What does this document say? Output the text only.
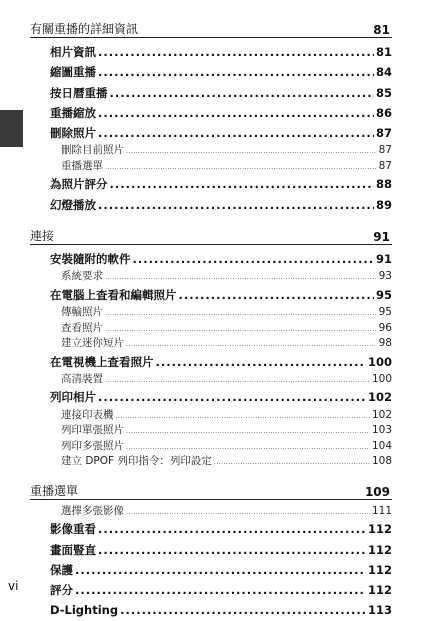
有關重播的詳細資訊	81
相片資訊 .....	81
縮圖重播 .....	84
按日曆重播 .....	85
重播縮放 .....	86
刪除照片 .....	87
刪除目前照片 .....	87
重播選單 .....	87
為照片評分 .....	88
幻燈播放 .....	89
連接	91
安裝隨附的軟件 .....	91
系統要求 .....	93
在電腦上查看和編輯照片 .....	95
傳輸照片 .....	95
查看照片 .....	96
建立迷你短片 .....	98
在電視機上查看照片 .....	100
高清裝置 .....	100
列印相片 .....	102
連接印表機 .....	102
列印單張照片 .....	103
列印多張照片 .....	104
建立 DPOF 列印指令：列印設定 .....	108
重播選單	109
選擇多張影像 .....	111
影像重看 .....	112
畫面豎直 .....	112
保護 .....	112
評分 .....	112
D-Lighting .....	113
vi
